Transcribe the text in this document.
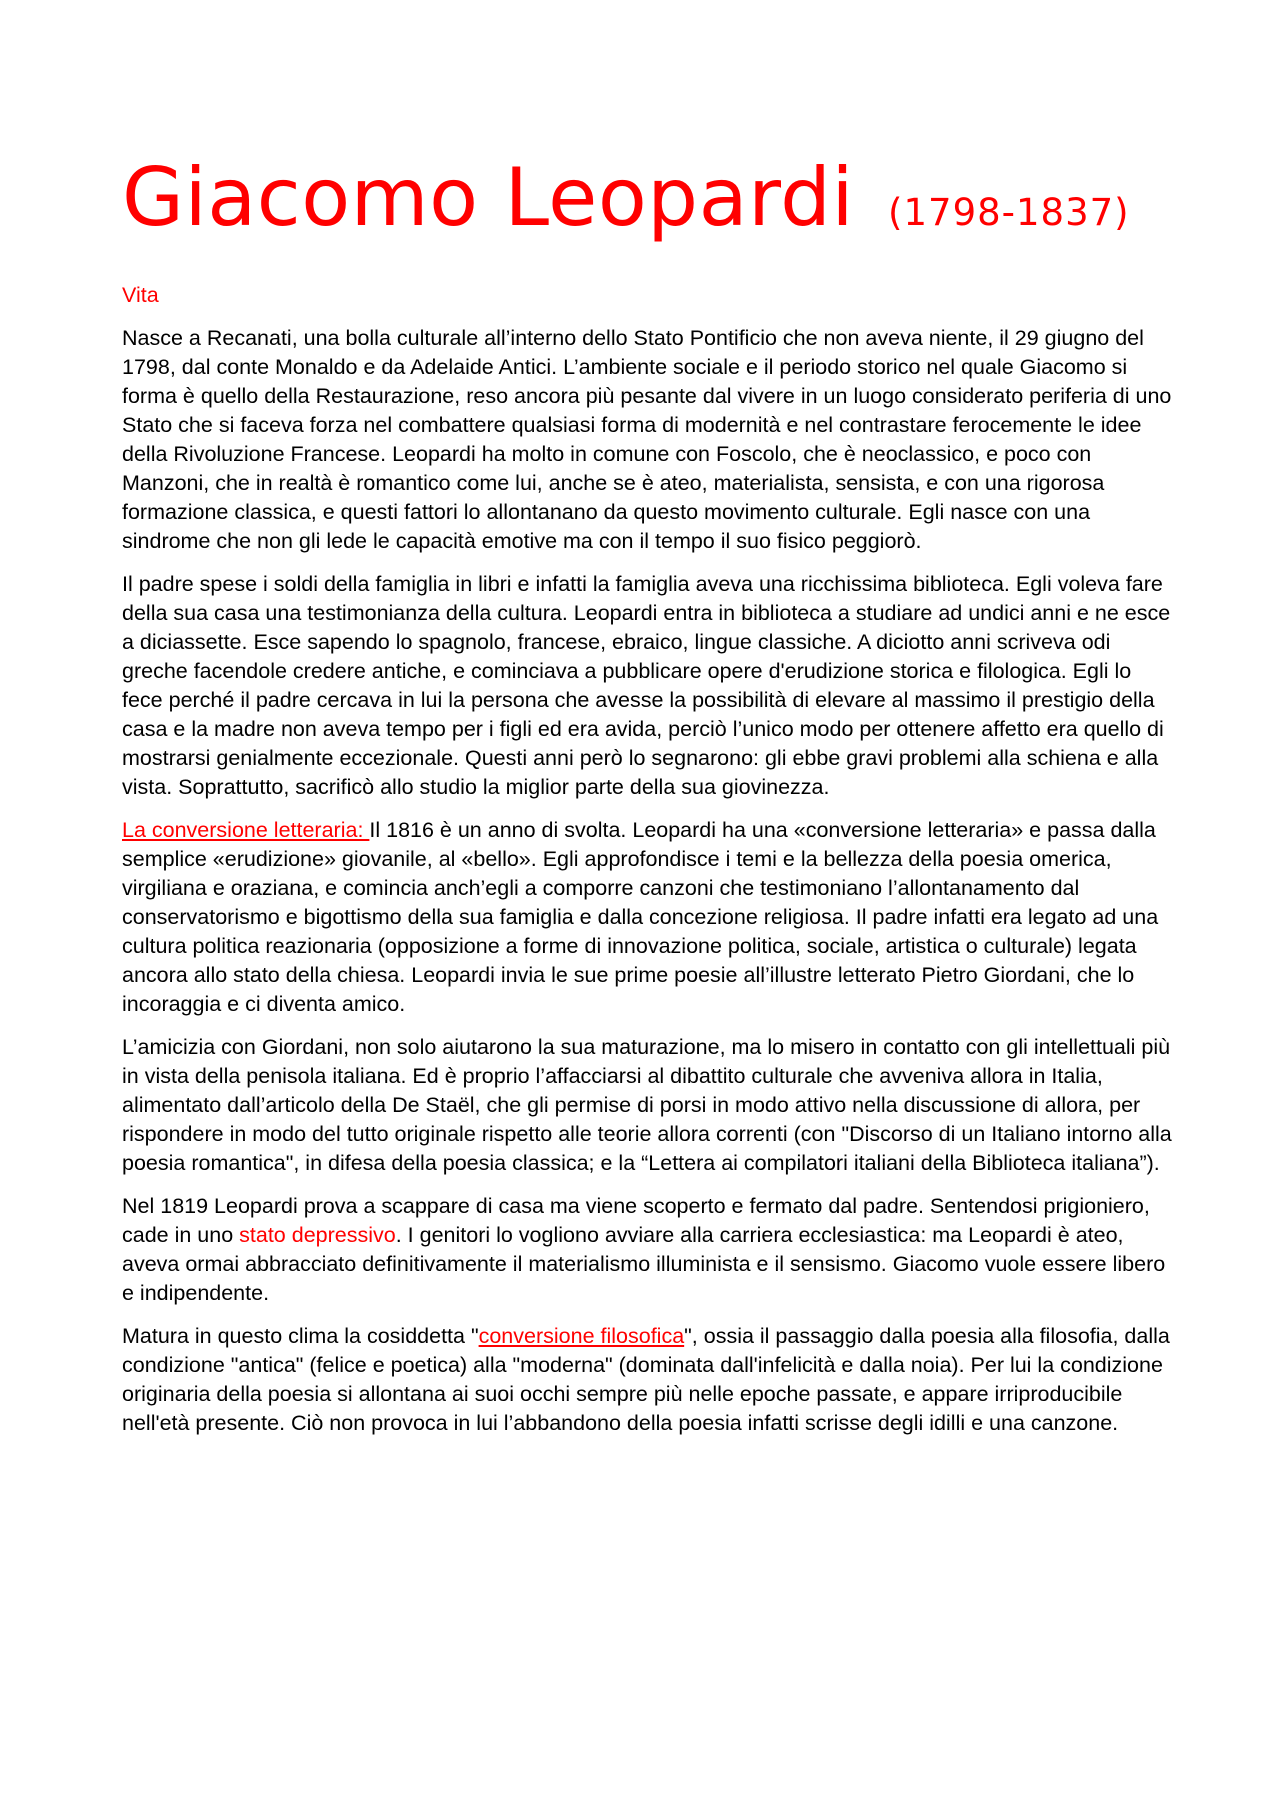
Giacomo Leopardi (1798-1837)
Vita

Nasce a Recanati, una bolla culturale all’interno dello Stato Pontificio che non aveva niente, il 29 giugno del 1798, dal conte Monaldo e da Adelaide Antici. L’ambiente sociale e il periodo storico nel quale Giacomo si forma è quello della Restaurazione, reso ancora più pesante dal vivere in un luogo considerato periferia di uno Stato che si faceva forza nel combattere qualsiasi forma di modernità e nel contrastare ferocemente le idee della Rivoluzione Francese. Leopardi ha molto in comune con Foscolo, che è neoclassico, e poco con Manzoni, che in realtà è romantico come lui, anche se è ateo, materialista, sensista, e con una rigorosa formazione classica, e questi fattori lo allontanano da questo movimento culturale. Egli nasce con una sindrome che non gli lede le capacità emotive ma con il tempo il suo fisico peggiorò.

Il padre spese i soldi della famiglia in libri e infatti la famiglia aveva una ricchissima biblioteca. Egli voleva fare della sua casa una testimonianza della cultura. Leopardi entra in biblioteca a studiare ad undici anni e ne esce a diciassette. Esce sapendo lo spagnolo, francese, ebraico, lingue classiche. A diciotto anni scriveva odi greche facendole credere antiche, e cominciava a pubblicare opere d'erudizione storica e filologica. Egli lo fece perché il padre cercava in lui la persona che avesse la possibilità di elevare al massimo il prestigio della casa e la madre non aveva tempo per i figli ed era avida, perciò l’unico modo per ottenere affetto era quello di mostrarsi genialmente eccezionale. Questi anni però lo segnarono: gli ebbe gravi problemi alla schiena e alla vista. Soprattutto, sacrificò allo studio la miglior parte della sua giovinezza.

La conversione letteraria: Il 1816 è un anno di svolta. Leopardi ha una «conversione letteraria» e passa dalla semplice «erudizione» giovanile, al «bello». Egli approfondisce i temi e la bellezza della poesia omerica, virgiliana e oraziana, e comincia anch’egli a comporre canzoni che testimoniano l’allontanamento dal conservatorismo e bigottismo della sua famiglia e dalla concezione religiosa. Il padre infatti era legato ad una cultura politica reazionaria (opposizione a forme di innovazione politica, sociale, artistica o culturale) legata ancora allo stato della chiesa. Leopardi invia le sue prime poesie all’illustre letterato Pietro Giordani, che lo incoraggia e ci diventa amico.

L’amicizia con Giordani, non solo aiutarono la sua maturazione, ma lo misero in contatto con gli intellettuali più in vista della penisola italiana. Ed è proprio l’affacciarsi al dibattito culturale che avveniva allora in Italia, alimentato dall’articolo della De Staël, che gli permise di porsi in modo attivo nella discussione di allora, per rispondere in modo del tutto originale rispetto alle teorie allora correnti (con "Discorso di un Italiano intorno alla poesia romantica", in difesa della poesia classica; e la “Lettera ai compilatori italiani della Biblioteca italiana”).

Nel 1819 Leopardi prova a scappare di casa ma viene scoperto e fermato dal padre. Sentendosi prigioniero, cade in uno stato depressivo. I genitori lo vogliono avviare alla carriera ecclesiastica: ma Leopardi è ateo, aveva ormai abbracciato definitivamente il materialismo illuminista e il sensismo. Giacomo vuole essere libero e indipendente.

Matura in questo clima la cosiddetta "conversione filosofica", ossia il passaggio dalla poesia alla filosofia, dalla condizione "antica" (felice e poetica) alla "moderna" (dominata dall'infelicità e dalla noia). Per lui la condizione originaria della poesia si allontana ai suoi occhi sempre più nelle epoche passate, e appare irriproducibile nell'età presente. Ciò non provoca in lui l’abbandono della poesia infatti scrisse degli idilli e una canzone.
